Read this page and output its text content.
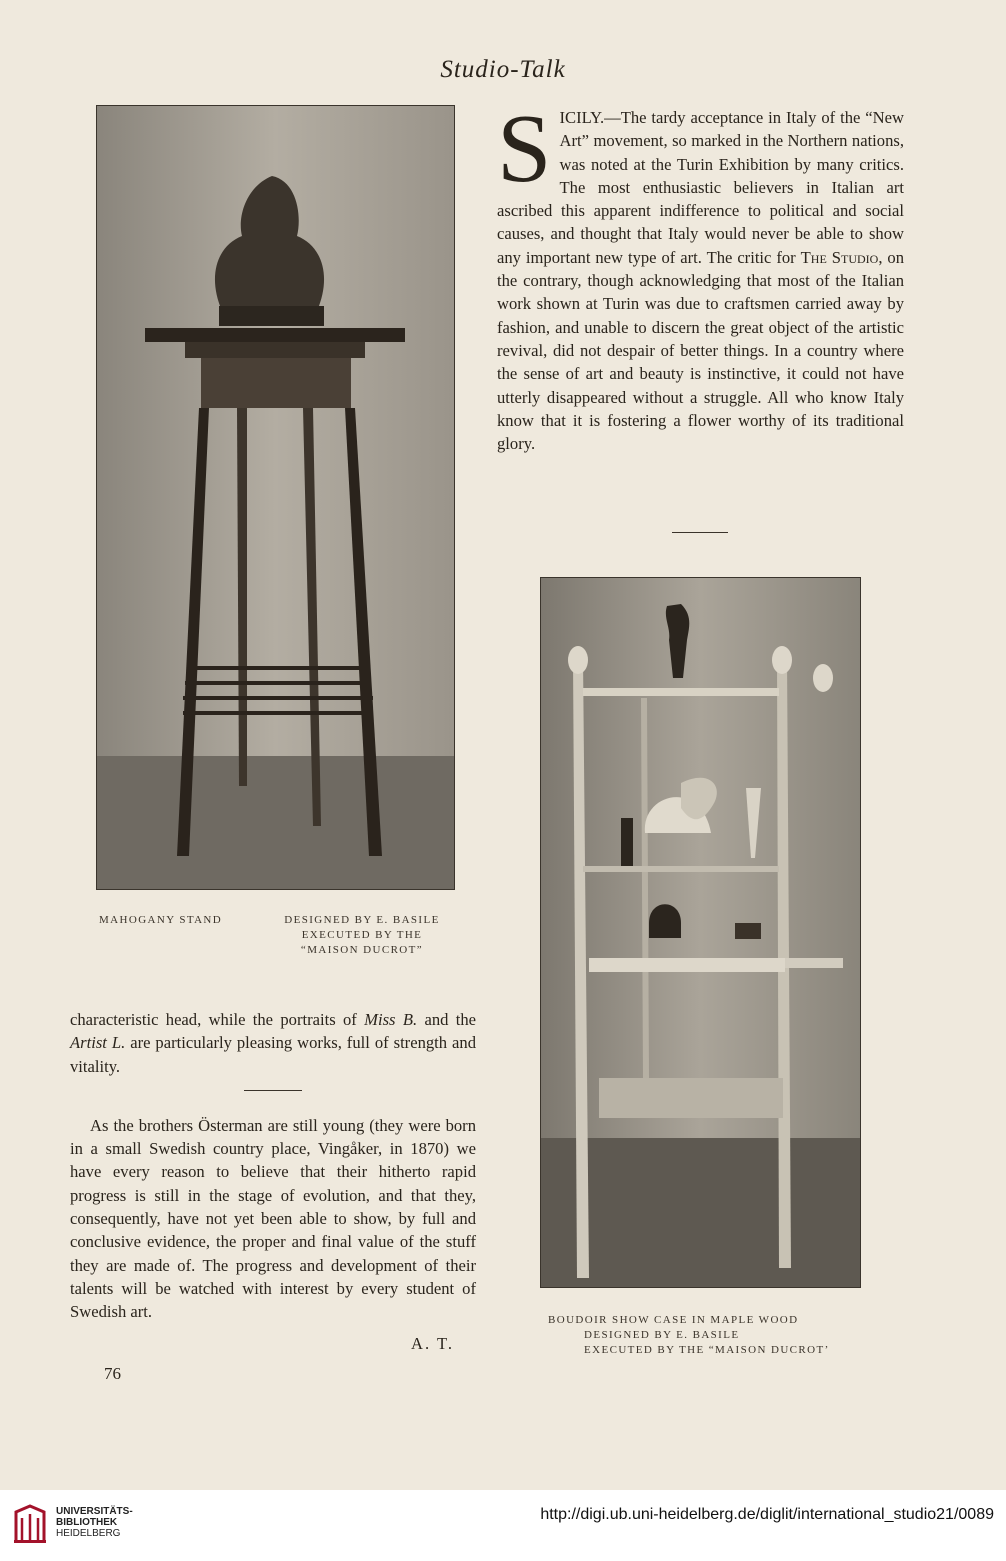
Studio-Talk
MAHOGANY STAND	DESIGNED BY E. BASILE
EXECUTED BY THE
“MAISON DUCROT”

SICILY.—The tardy acceptance in Italy of the “New Art” movement, so marked in the Northern nations, was noted at the Turin Exhibition by many critics. The most enthusiastic believers in Italian art ascribed this apparent indifference to political and social causes, and thought that Italy would never be able to show any important new type of art. The critic for The Studio, on the contrary, though acknowledging that most of the Italian work shown at Turin was due to craftsmen carried away by fashion, and unable to discern the great object of the artistic revival, did not despair of better things. In a country where the sense of art and beauty is instinctive, it could not have utterly disappeared without a struggle. All who know Italy know that it is fostering a flower worthy of its traditional glory.

BOUDOIR SHOW CASE IN MAPLE WOOD
DESIGNED BY E. BASILE
EXECUTED BY THE “MAISON DUCROT’

characteristic head, while the portraits of Miss B. and the Artist L. are particularly pleasing works, full of strength and vitality.

As the brothers Österman are still young (they were born in a small Swedish country place, Vingåker, in 1870) we have every reason to believe that their hitherto rapid progress is still in the stage of evolution, and that they, consequently, have not yet been able to show, by full and conclusive evidence, the proper and final value of the stuff they are made of. The progress and development of their talents will be watched with interest by every student of Swedish art.

A. T.
76
UNIVERSITÄTS-
BIBLIOTHEK
HEIDELBERG
http://digi.ub.uni-heidelberg.de/diglit/international_studio21/0089
